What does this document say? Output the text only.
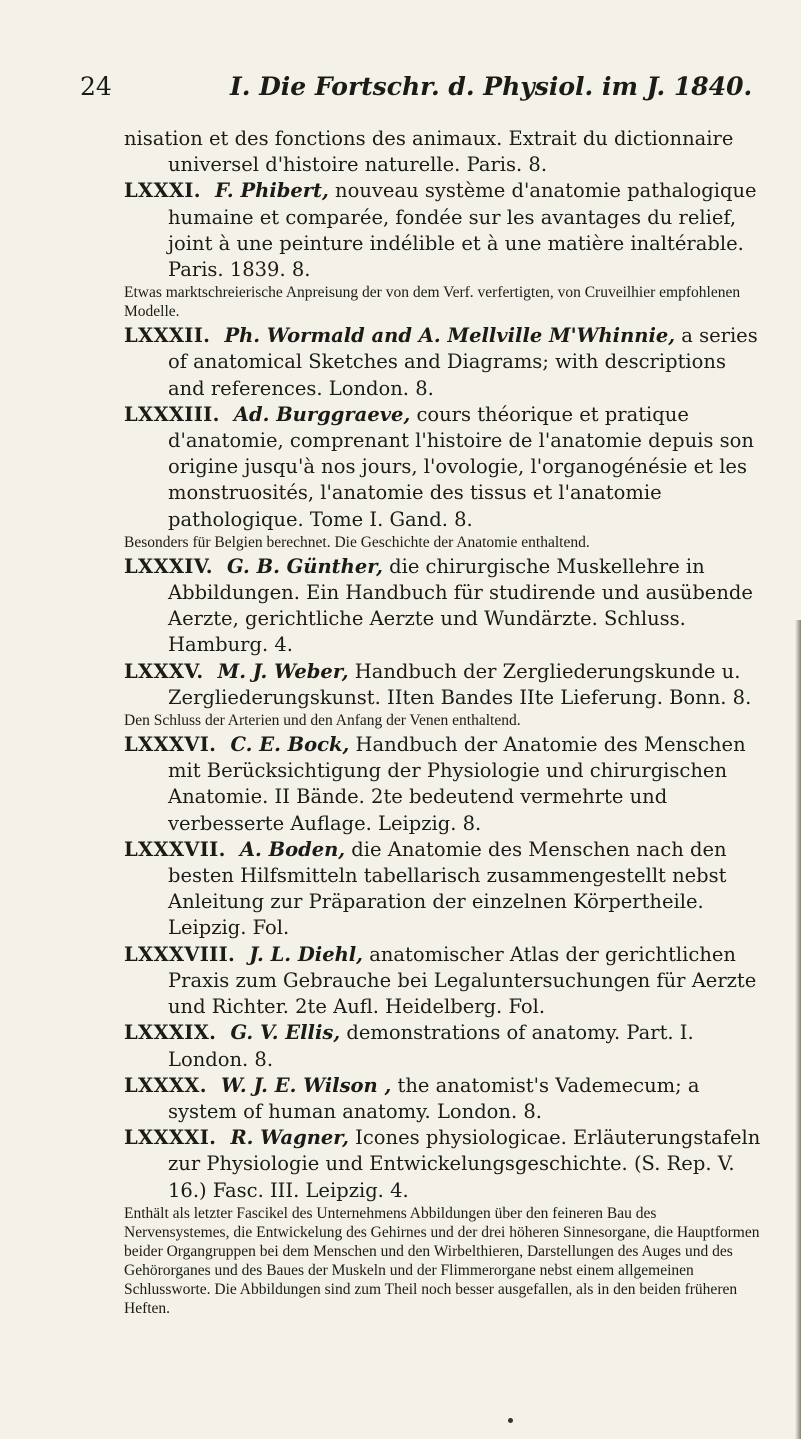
24	I. Die Fortschr. d. Physiol. im J. 1840.

nisation et des fonctions des animaux. Extrait du dictionnaire universel d'histoire naturelle. Paris. 8.

LXXXI. F. Phibert, nouveau système d'anatomie pathalogique humaine et comparée, fondée sur les avantages du relief, joint à une peinture indélible et à une matière inaltérable. Paris. 1839. 8.

Etwas marktschreierische Anpreisung der von dem Verf. verfertigten, von Cruveilhier empfohlenen Modelle.

LXXXII. Ph. Wormald and A. Mellville M'Whinnie, a series of anatomical Sketches and Diagrams; with descriptions and references. London. 8.

LXXXIII. Ad. Burggraeve, cours théorique et pratique d'anatomie, comprenant l'histoire de l'anatomie depuis son origine jusqu'à nos jours, l'ovologie, l'organogénésie et les monstruosités, l'anatomie des tissus et l'anatomie pathologique. Tome I. Gand. 8.

Besonders für Belgien berechnet. Die Geschichte der Anatomie enthaltend.

LXXXIV. G. B. Günther, die chirurgische Muskellehre in Abbildungen. Ein Handbuch für studirende und ausübende Aerzte, gerichtliche Aerzte und Wundärzte. Schluss. Hamburg. 4.

LXXXV. M. J. Weber, Handbuch der Zergliederungskunde u. Zergliederungskunst. IIten Bandes IIte Lieferung. Bonn. 8.

Den Schluss der Arterien und den Anfang der Venen enthaltend.

LXXXVI. C. E. Bock, Handbuch der Anatomie des Menschen mit Berücksichtigung der Physiologie und chirurgischen Anatomie. II Bände. 2te bedeutend vermehrte und verbesserte Auflage. Leipzig. 8.

LXXXVII. A. Boden, die Anatomie des Menschen nach den besten Hilfsmitteln tabellarisch zusammengestellt nebst Anleitung zur Präparation der einzelnen Körpertheile. Leipzig. Fol.

LXXXVIII. J. L. Diehl, anatomischer Atlas der gerichtlichen Praxis zum Gebrauche bei Legaluntersuchungen für Aerzte und Richter. 2te Aufl. Heidelberg. Fol.

LXXXIX. G. V. Ellis, demonstrations of anatomy. Part. I. London. 8.

LXXXX. W. J. E. Wilson , the anatomist's Vademecum; a system of human anatomy. London. 8.

LXXXXI. R. Wagner, Icones physiologicae. Erläuterungstafeln zur Physiologie und Entwickelungsgeschichte. (S. Rep. V. 16.) Fasc. III. Leipzig. 4.

Enthält als letzter Fascikel des Unternehmens Abbildungen über den feineren Bau des Nervensystemes, die Entwickelung des Gehirnes und der drei höheren Sinnesorgane, die Hauptformen beider Organgruppen bei dem Menschen und den Wirbelthieren, Darstellungen des Auges und des Gehörorganes und des Baues der Muskeln und der Flimmerorgane nebst einem allgemeinen Schlussworte. Die Abbildungen sind zum Theil noch besser ausgefallen, als in den beiden früheren Heften.
